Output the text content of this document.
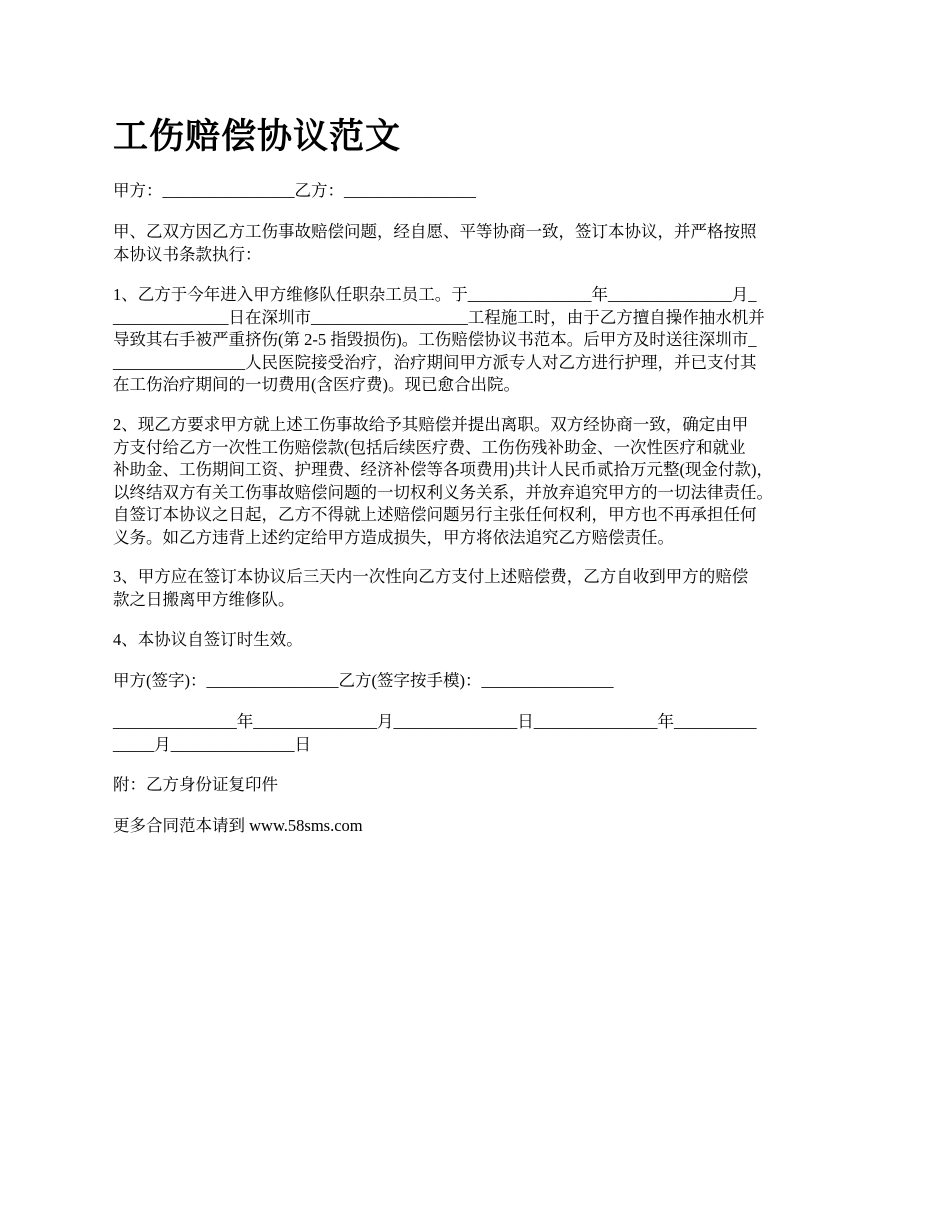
工伤赔偿协议范文

甲方：________________乙方：________________

甲、乙双方因乙方工伤事故赔偿问题，经自愿、平等协商一致，签订本协议，并严格按照
本协议书条款执行：

1、乙方于今年进入甲方维修队任职杂工员工。于_______________年_______________月_
______________日在深圳市___________________工程施工时，由于乙方擅自操作抽水机并
导致其右手被严重挤伤(第 2-5 指毁损伤)。工伤赔偿协议书范本。后甲方及时送往深圳市_
________________人民医院接受治疗，治疗期间甲方派专人对乙方进行护理，并已支付其
在工伤治疗期间的一切费用(含医疗费)。现已愈合出院。

2、现乙方要求甲方就上述工伤事故给予其赔偿并提出离职。双方经协商一致，确定由甲
方支付给乙方一次性工伤赔偿款(包括后续医疗费、工伤伤残补助金、一次性医疗和就业
补助金、工伤期间工资、护理费、经济补偿等各项费用)共计人民币贰拾万元整(现金付款)，
以终结双方有关工伤事故赔偿问题的一切权利义务关系，并放弃追究甲方的一切法律责任。
自签订本协议之日起，乙方不得就上述赔偿问题另行主张任何权利，甲方也不再承担任何
义务。如乙方违背上述约定给甲方造成损失，甲方将依法追究乙方赔偿责任。

3、甲方应在签订本协议后三天内一次性向乙方支付上述赔偿费，乙方自收到甲方的赔偿
款之日搬离甲方维修队。

4、本协议自签订时生效。

甲方(签字)：________________乙方(签字按手模)：________________

_______________年_______________月_______________日_______________年__________
_____月_______________日

附：乙方身份证复印件

更多合同范本请到 www.58sms.com
